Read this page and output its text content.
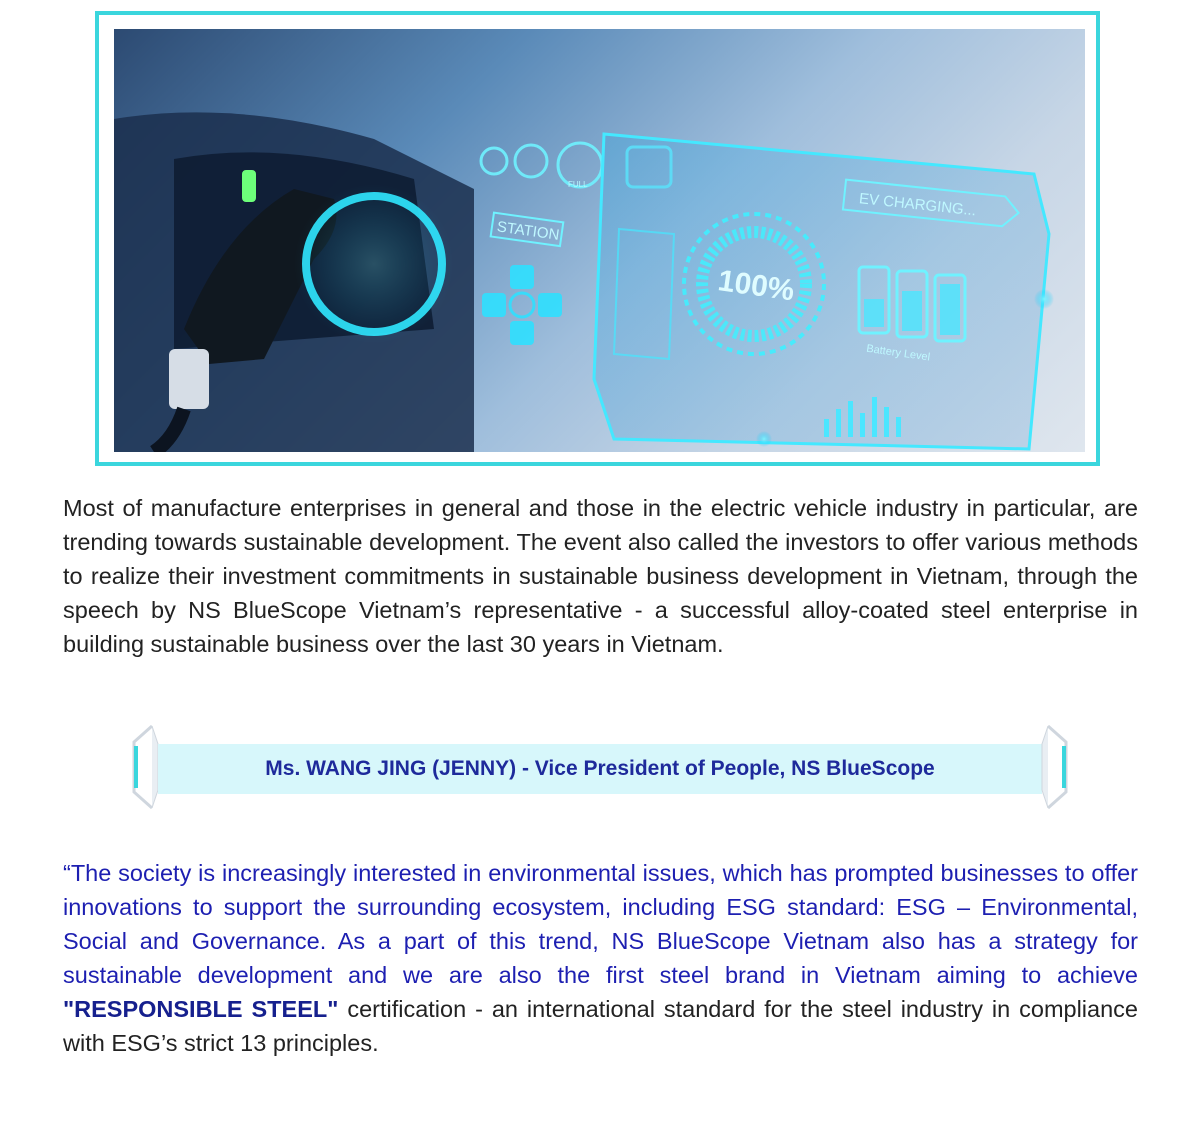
FULL
STATION
100%
EV CHARGING...
Battery Level

Most of manufacture enterprises in general and those in the electric vehicle industry in particular, are trending towards sustainable development. The event also called the investors to offer various methods to realize their investment commitments in sustainable business development in Vietnam, through the speech by NS BlueScope Vietnam’s representative - a successful alloy-coated steel enterprise in building sustainable business over the last 30 years in Vietnam.

Ms. WANG JING (JENNY) - Vice President of People, NS BlueScope

“The society is increasingly interested in environmental issues, which has prompted businesses to offer innovations to support the surrounding ecosystem, including ESG standard: ESG – Environmental, Social and Governance. As a part of this trend, NS BlueScope Vietnam also has a strategy for sustainable development and we are also the first steel brand in Vietnam aiming to achieve "RESPONSIBLE STEEL" certification - an international standard for the steel industry in compliance with ESG’s strict 13 principles.
